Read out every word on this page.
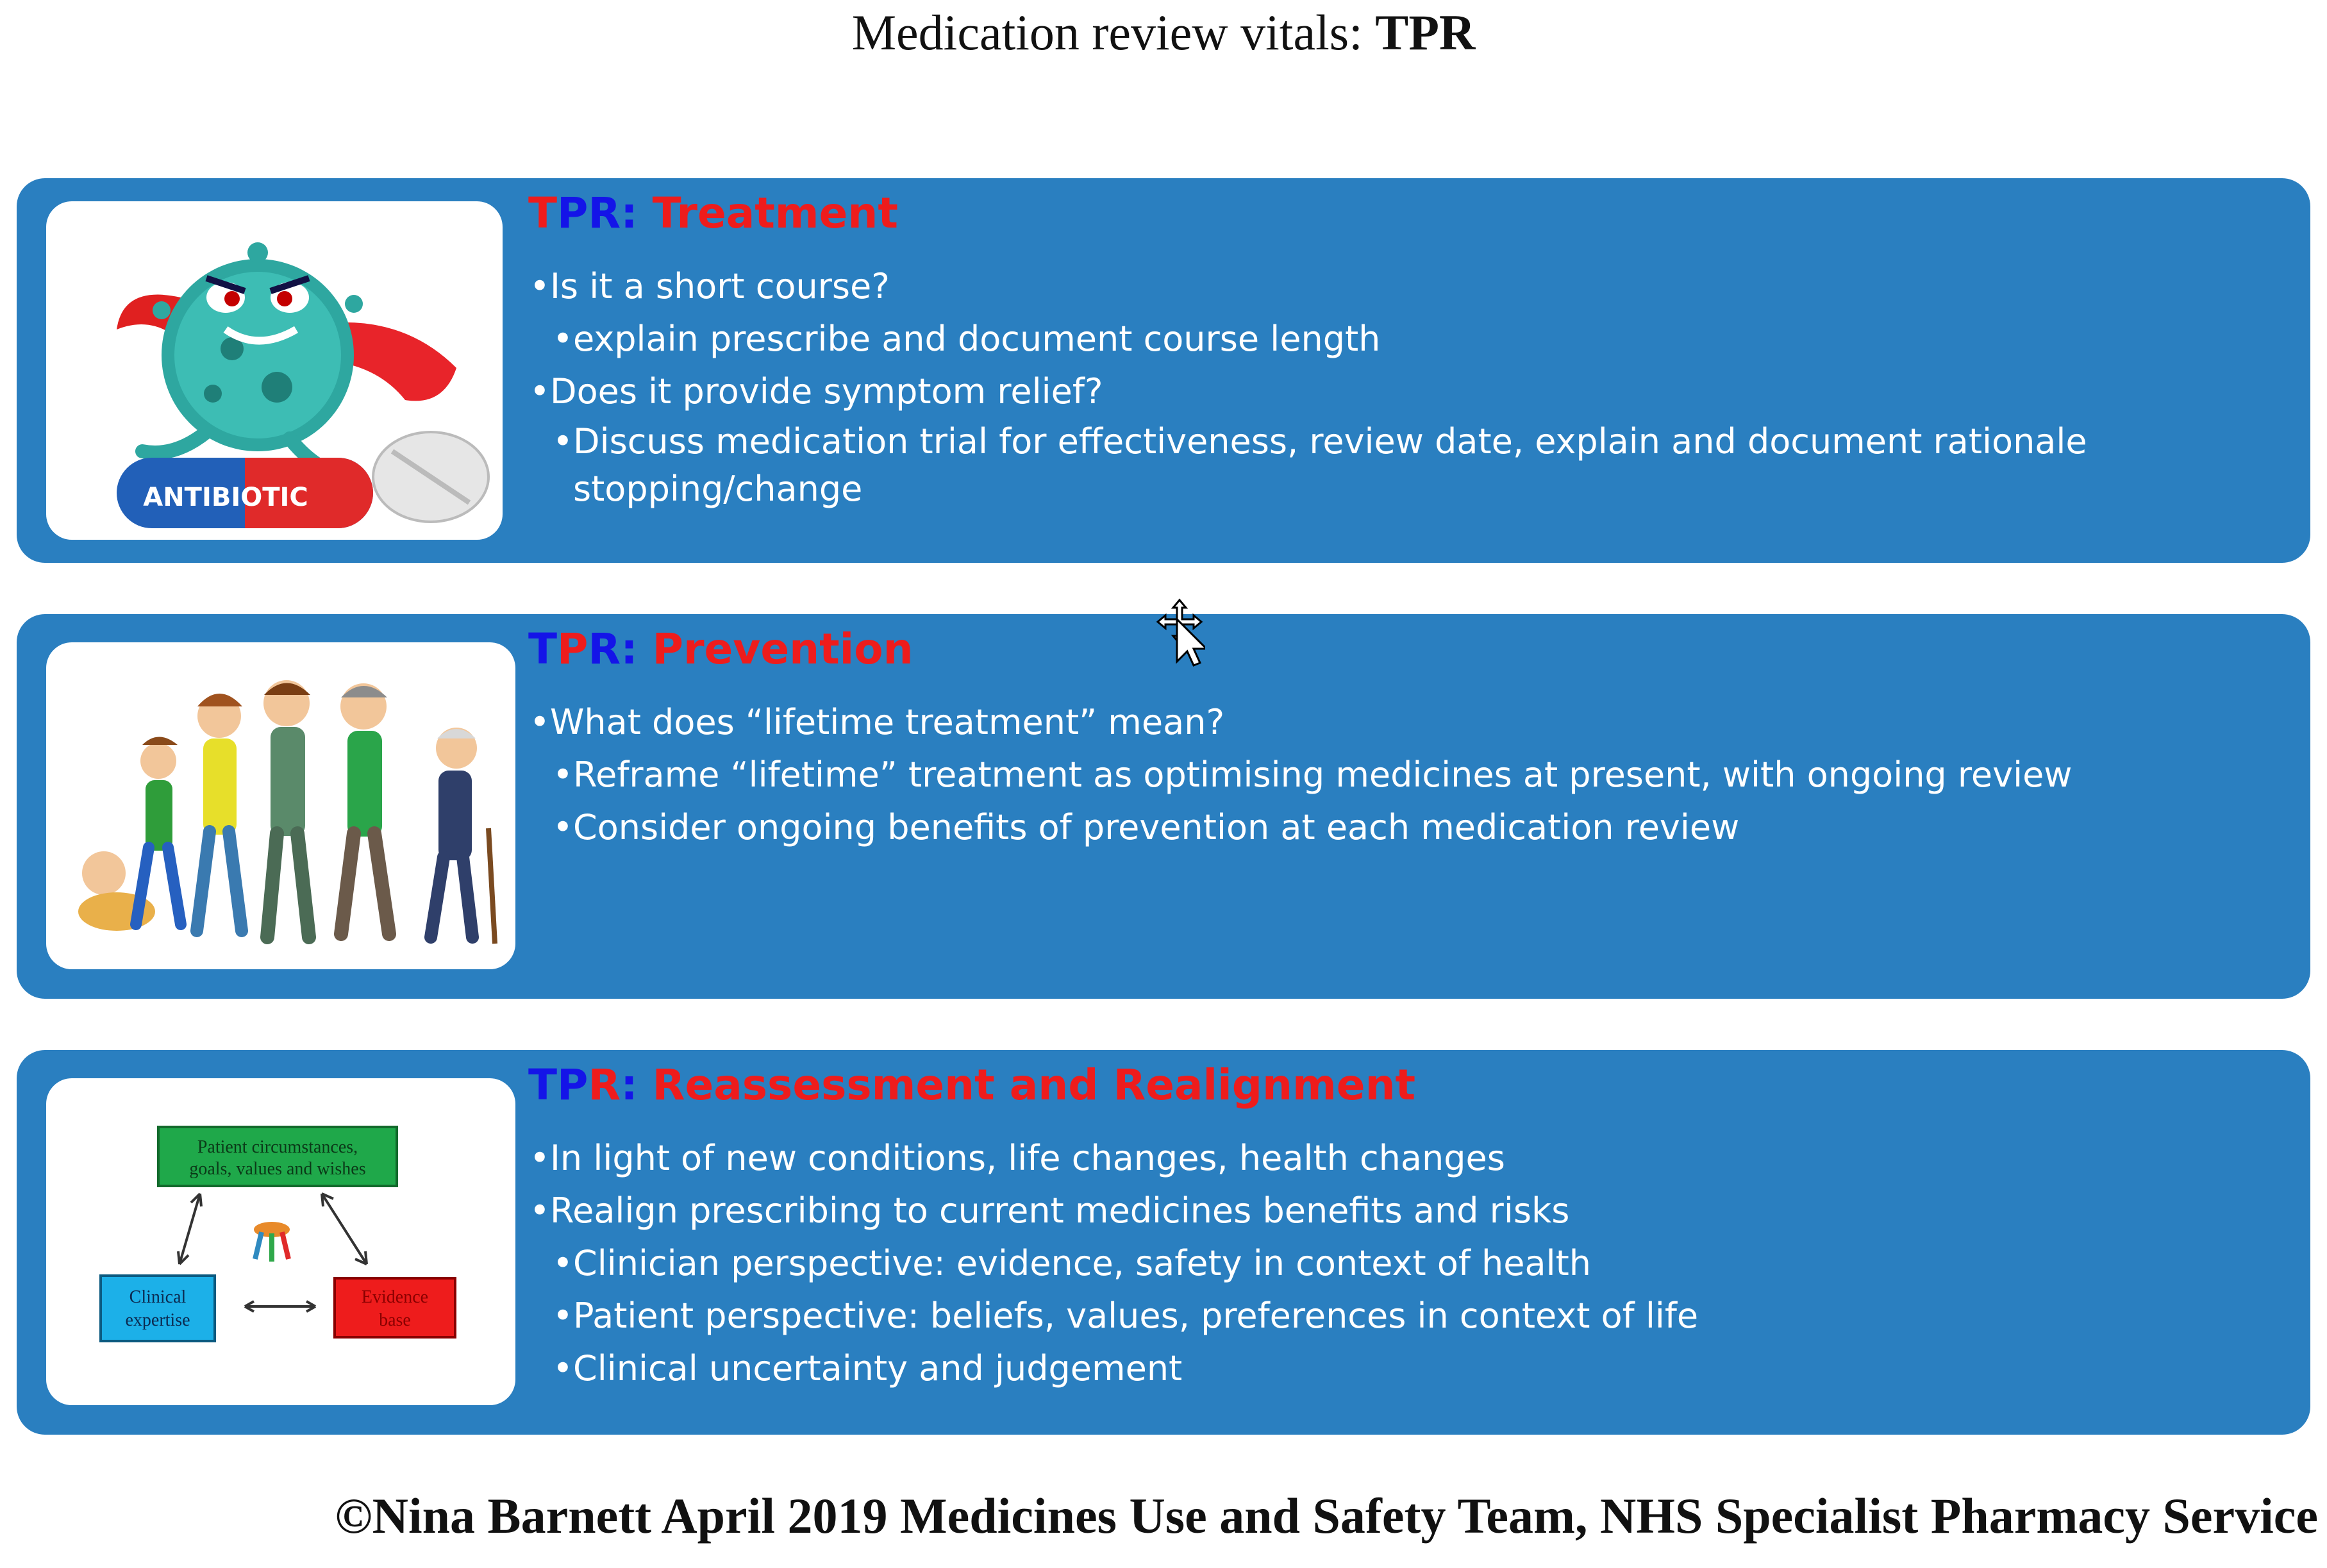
Medication review vitals: TPR
ANTIBIOTIC
TPR: Treatment
• Is it a short course?
• explain prescribe and document course length
• Does it provide symptom relief?
• Discuss medication trial for effectiveness, review date, explain and document rationale stopping/change
TPR: Prevention
• What does “lifetime treatment” mean?
• Reframe “lifetime” treatment as optimising medicines at present, with ongoing review
• Consider ongoing benefits of prevention at each medication review
Patient circumstances,
goals, values and wishes
Clinical
expertise
Evidence
base
TPR: Reassessment and Realignment
• In light of new conditions, life changes, health changes
• Realign prescribing to current medicines benefits and risks
• Clinician perspective: evidence, safety in context of health
• Patient perspective: beliefs, values, preferences in context of life
• Clinical uncertainty and judgement
©Nina Barnett April 2019 Medicines Use and Safety Team, NHS Specialist Pharmacy Service
